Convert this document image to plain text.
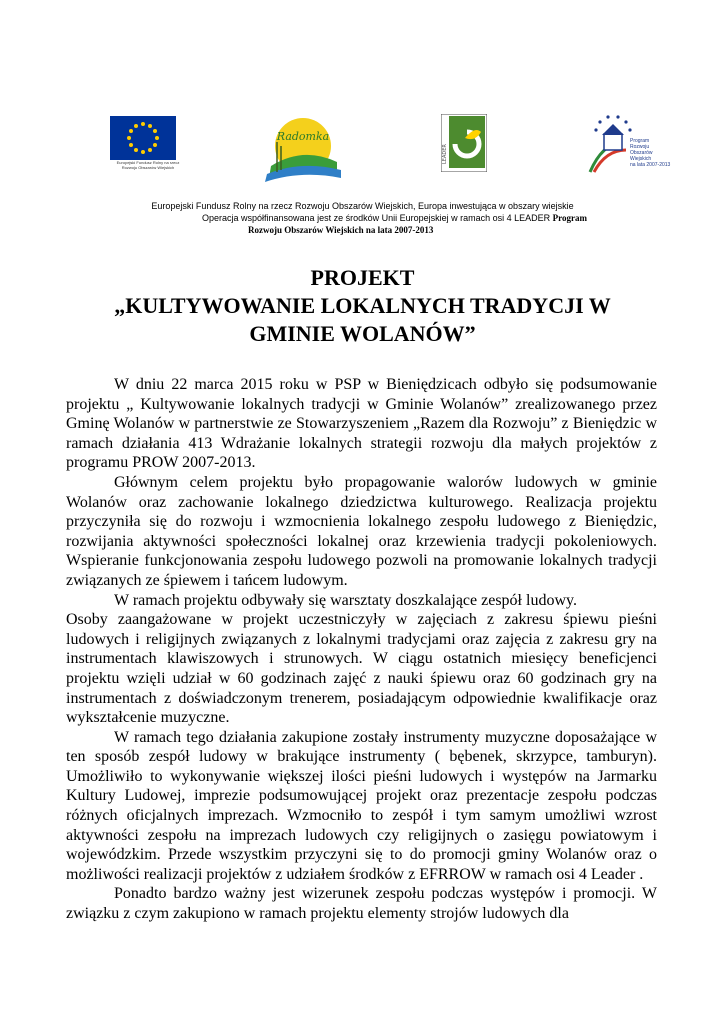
Europejski Fundusz Rolny na rzecz Rozwoju Obszarów Wiejskich
Radomka
LEADER
Program
Rozwoju
Obszarów
Wiejskich
na lata 2007-2013
Europejski Fundusz Rolny na rzecz Rozwoju Obszarów Wiejskich, Europa inwestująca w obszary wiejskie
Operacja współfinansowana jest ze środków Unii Europejskiej w ramach osi 4 LEADER Program
Rozwoju Obszarów Wiejskich na lata 2007-2013
PROJEKT
„KULTYWOWANIE LOKALNYCH TRADYCJI W
GMINIE WOLANÓW”

W dniu 22 marca 2015 roku w PSP w Bieniędzicach odbyło się podsumowanie projektu „ Kultywowanie lokalnych tradycji w Gminie Wolanów” zrealizowanego przez Gminę Wolanów w partnerstwie ze Stowarzyszeniem „Razem dla Rozwoju” z Bieniędzic w ramach działania 413 Wdrażanie lokalnych strategii rozwoju dla małych projektów z programu PROW 2007-2013.

Głównym celem projektu było propagowanie walorów ludowych w gminie Wolanów oraz zachowanie lokalnego dziedzictwa kulturowego. Realizacja projektu przyczyniła się do rozwoju i wzmocnienia lokalnego zespołu ludowego z Bieniędzic, rozwijania aktywności społeczności lokalnej oraz krzewienia tradycji pokoleniowych. Wspieranie funkcjonowania zespołu ludowego pozwoli na promowanie lokalnych tradycji związanych ze śpiewem i tańcem ludowym.

W ramach projektu odbywały się warsztaty doszkalające zespół ludowy.

Osoby zaangażowane w projekt uczestniczyły w zajęciach z zakresu śpiewu pieśni ludowych i religijnych związanych z lokalnymi tradycjami oraz zajęcia z zakresu gry na instrumentach klawiszowych i strunowych. W ciągu ostatnich miesięcy beneficjenci projektu wzięli udział w 60 godzinach zajęć z nauki śpiewu oraz 60 godzinach gry na instrumentach z doświadczonym trenerem, posiadającym odpowiednie kwalifikacje oraz wykształcenie muzyczne.

W ramach tego działania zakupione zostały instrumenty muzyczne doposażające w ten sposób zespół ludowy w brakujące instrumenty ( bębenek, skrzypce, tamburyn). Umożliwiło to wykonywanie większej ilości pieśni ludowych i występów na Jarmarku Kultury Ludowej, imprezie podsumowującej projekt oraz prezentacje zespołu podczas różnych oficjalnych imprezach. Wzmocniło to zespół i tym samym umożliwi wzrost aktywności zespołu na imprezach ludowych czy religijnych o zasięgu powiatowym i wojewódzkim. Przede wszystkim przyczyni się to do promocji gminy Wolanów oraz o możliwości realizacji projektów z udziałem środków z EFRROW w ramach osi 4 Leader .

Ponadto bardzo ważny jest wizerunek zespołu podczas występów i promocji. W związku z czym zakupiono w ramach projektu elementy strojów ludowych dla
